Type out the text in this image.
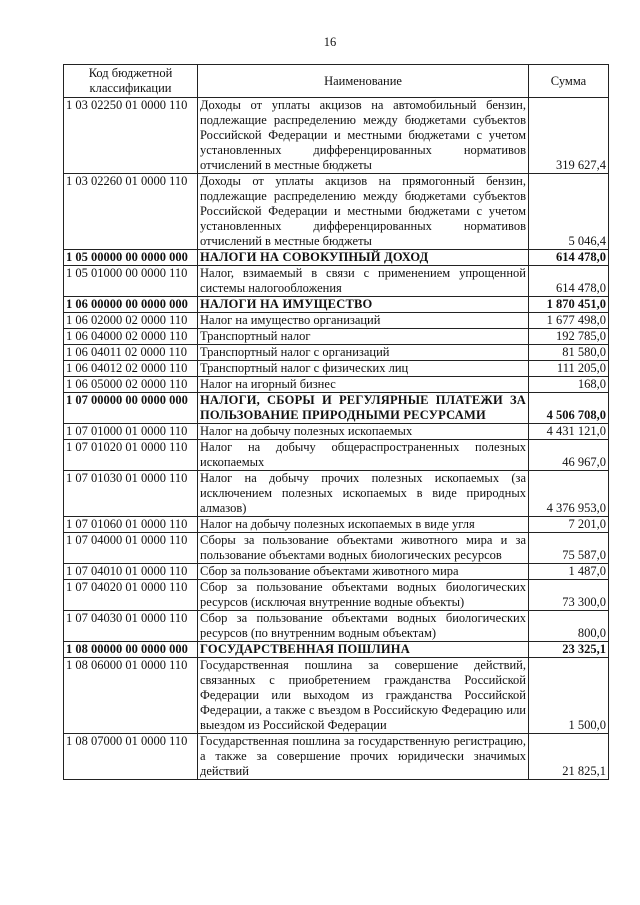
16
Код бюджетной классификации	Наименование	Сумма
1 03 02250 01 0000 110	Доходы от уплаты акцизов на автомобильный бензин, подлежащие распределению между бюджетами субъектов Российской Федерации и местными бюджетами с учетом установленных дифференцированных нормативов отчислений в местные бюджеты	319 627,4
1 03 02260 01 0000 110	Доходы от уплаты акцизов на прямогонный бензин, подлежащие распределению между бюджетами субъектов Российской Федерации и местными бюджетами с учетом установленных дифференцированных нормативов отчислений в местные бюджеты	5 046,4
1 05 00000 00 0000 000	НАЛОГИ НА СОВОКУПНЫЙ ДОХОД	614 478,0
1 05 01000 00 0000 110	Налог, взимаемый в связи с применением упрощенной системы налогообложения	614 478,0
1 06 00000 00 0000 000	НАЛОГИ НА ИМУЩЕСТВО	1 870 451,0
1 06 02000 02 0000 110	Налог на имущество организаций	1 677 498,0
1 06 04000 02 0000 110	Транспортный налог	192 785,0
1 06 04011 02 0000 110	Транспортный налог с организаций	81 580,0
1 06 04012 02 0000 110	Транспортный налог с физических лиц	111 205,0
1 06 05000 02 0000 110	Налог на игорный бизнес	168,0
1 07 00000 00 0000 000	НАЛОГИ, СБОРЫ И РЕГУЛЯРНЫЕ ПЛАТЕЖИ ЗА ПОЛЬЗОВАНИЕ ПРИРОДНЫМИ РЕСУРСАМИ	4 506 708,0
1 07 01000 01 0000 110	Налог на добычу полезных ископаемых	4 431 121,0
1 07 01020 01 0000 110	Налог на добычу общераспространенных полезных ископаемых	46 967,0
1 07 01030 01 0000 110	Налог на добычу прочих полезных ископаемых (за исключением полезных ископаемых в виде природных алмазов)	4 376 953,0
1 07 01060 01 0000 110	Налог на добычу полезных ископаемых в виде угля	7 201,0
1 07 04000 01 0000 110	Сборы за пользование объектами животного мира и за пользование объектами водных биологических ресурсов	75 587,0
1 07 04010 01 0000 110	Сбор за пользование объектами животного мира	1 487,0
1 07 04020 01 0000 110	Сбор за пользование объектами водных биологических ресурсов (исключая внутренние водные объекты)	73 300,0
1 07 04030 01 0000 110	Сбор за пользование объектами водных биологических ресурсов (по внутренним водным объектам)	800,0
1 08 00000 00 0000 000	ГОСУДАРСТВЕННАЯ ПОШЛИНА	23 325,1
1 08 06000 01 0000 110	Государственная пошлина за совершение действий, связанных с приобретением гражданства Российской Федерации или выходом из гражданства Российской Федерации, а также с въездом в Российскую Федерацию или выездом из Российской Федерации	1 500,0
1 08 07000 01 0000 110	Государственная пошлина за государственную регистрацию, а также за совершение прочих юридически значимых действий	21 825,1
